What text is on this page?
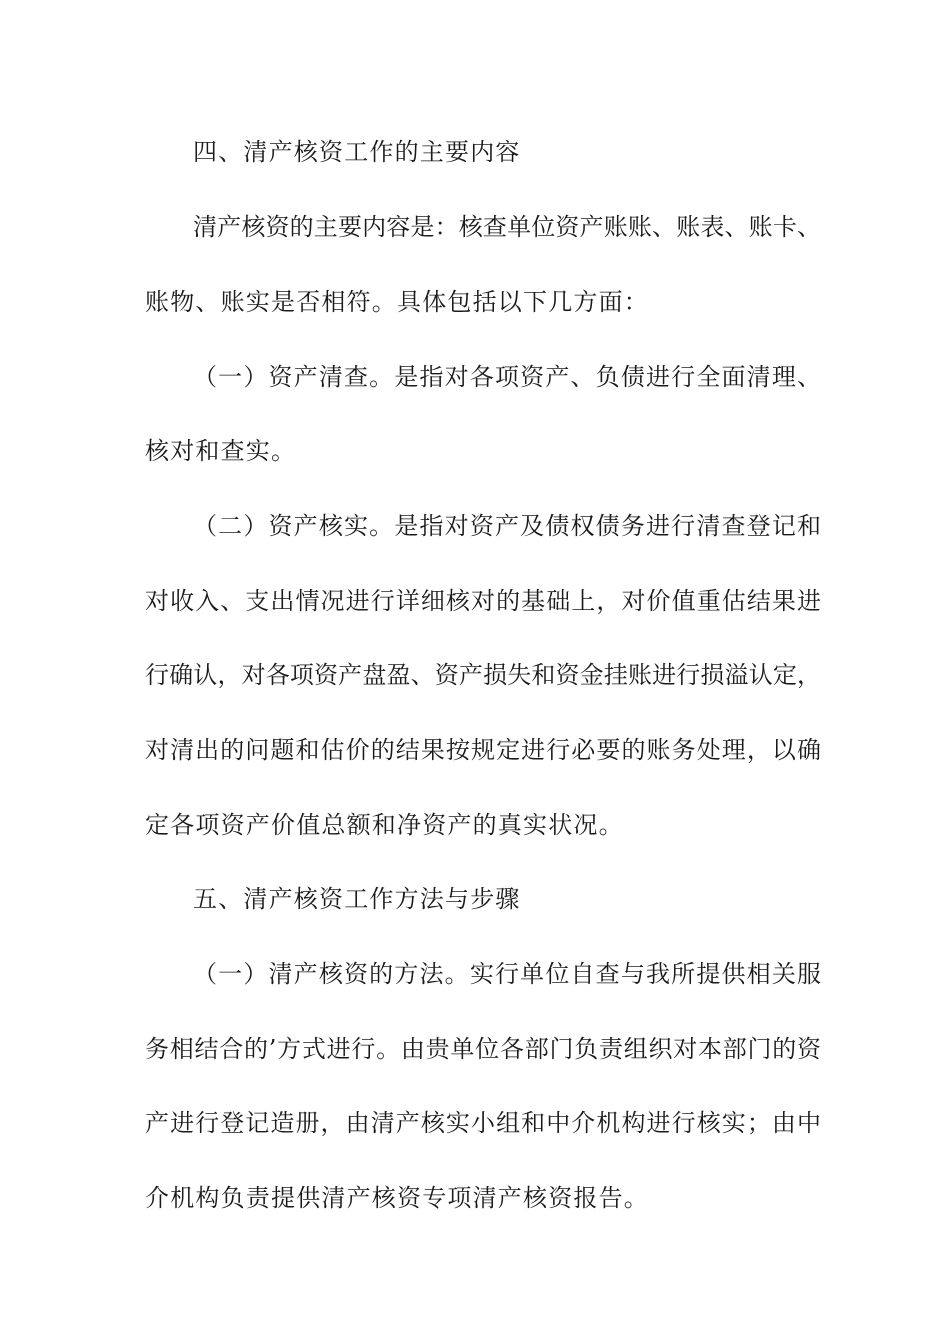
四、清产核资工作的主要内容
清产核资的主要内容是：核查单位资产账账、账表、账卡、
账物、账实是否相符。具体包括以下几方面：
（一）资产清查。是指对各项资产、负债进行全面清理、
核对和查实。
（二）资产核实。是指对资产及债权债务进行清查登记和
对收入、支出情况进行详细核对的基础上，对价值重估结果进
行确认，对各项资产盘盈、资产损失和资金挂账进行损溢认定，
对清出的问题和估价的结果按规定进行必要的账务处理，以确
定各项资产价值总额和净资产的真实状况。
五、清产核资工作方法与步骤
（一）清产核资的方法。实行单位自查与我所提供相关服
务相结合的’方式进行。由贵单位各部门负责组织对本部门的资
产进行登记造册，由清产核实小组和中介机构进行核实；由中
介机构负责提供清产核资专项清产核资报告。
